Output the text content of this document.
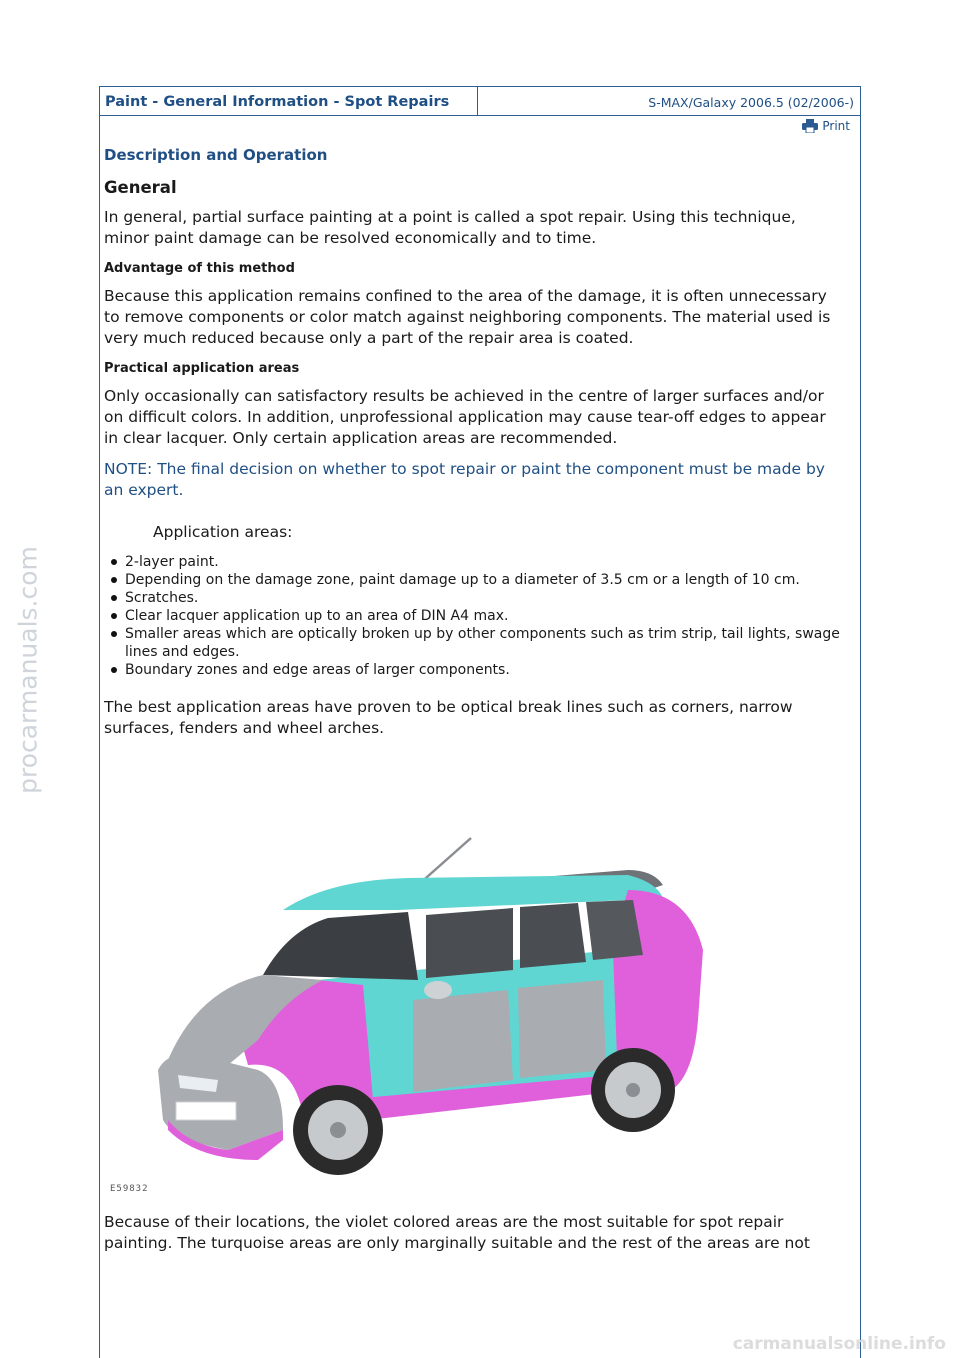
Paint - General Information - Spot Repairs	S-MAX/Galaxy 2006.5 (02/2006-)
Print
Description and Operation
General

In general, partial surface painting at a point is called a spot repair. Using this technique, minor paint damage can be resolved economically and to time.

Advantage of this method

Because this application remains confined to the area of the damage, it is often unnecessary to remove components or color match against neighboring components. The material used is very much reduced because only a part of the repair area is coated.

Practical application areas

Only occasionally can satisfactory results be achieved in the centre of larger surfaces and/or on difficult colors. In addition, unprofessional application may cause tear-off edges to appear in clear lacquer. Only certain application areas are recommended.

NOTE: The final decision on whether to spot repair or paint the component must be made by an expert.

Application areas:
2-layer paint.
Depending on the damage zone, paint damage up to a diameter of 3.5 cm or a length of 10 cm.
Scratches.
Clear lacquer application up to an area of DIN A4 max.
Smaller areas which are optically broken up by other components such as trim strip, tail lights, swage lines and edges.
Boundary zones and edge areas of larger components.

The best application areas have proven to be optical break lines such as corners, narrow surfaces, fenders and wheel arches.

E59832

Because of their locations, the violet colored areas are the most suitable for spot repair painting. The turquoise areas are only marginally suitable and the rest of the areas are not

procarmanuals.com
carmanualsonline.info
